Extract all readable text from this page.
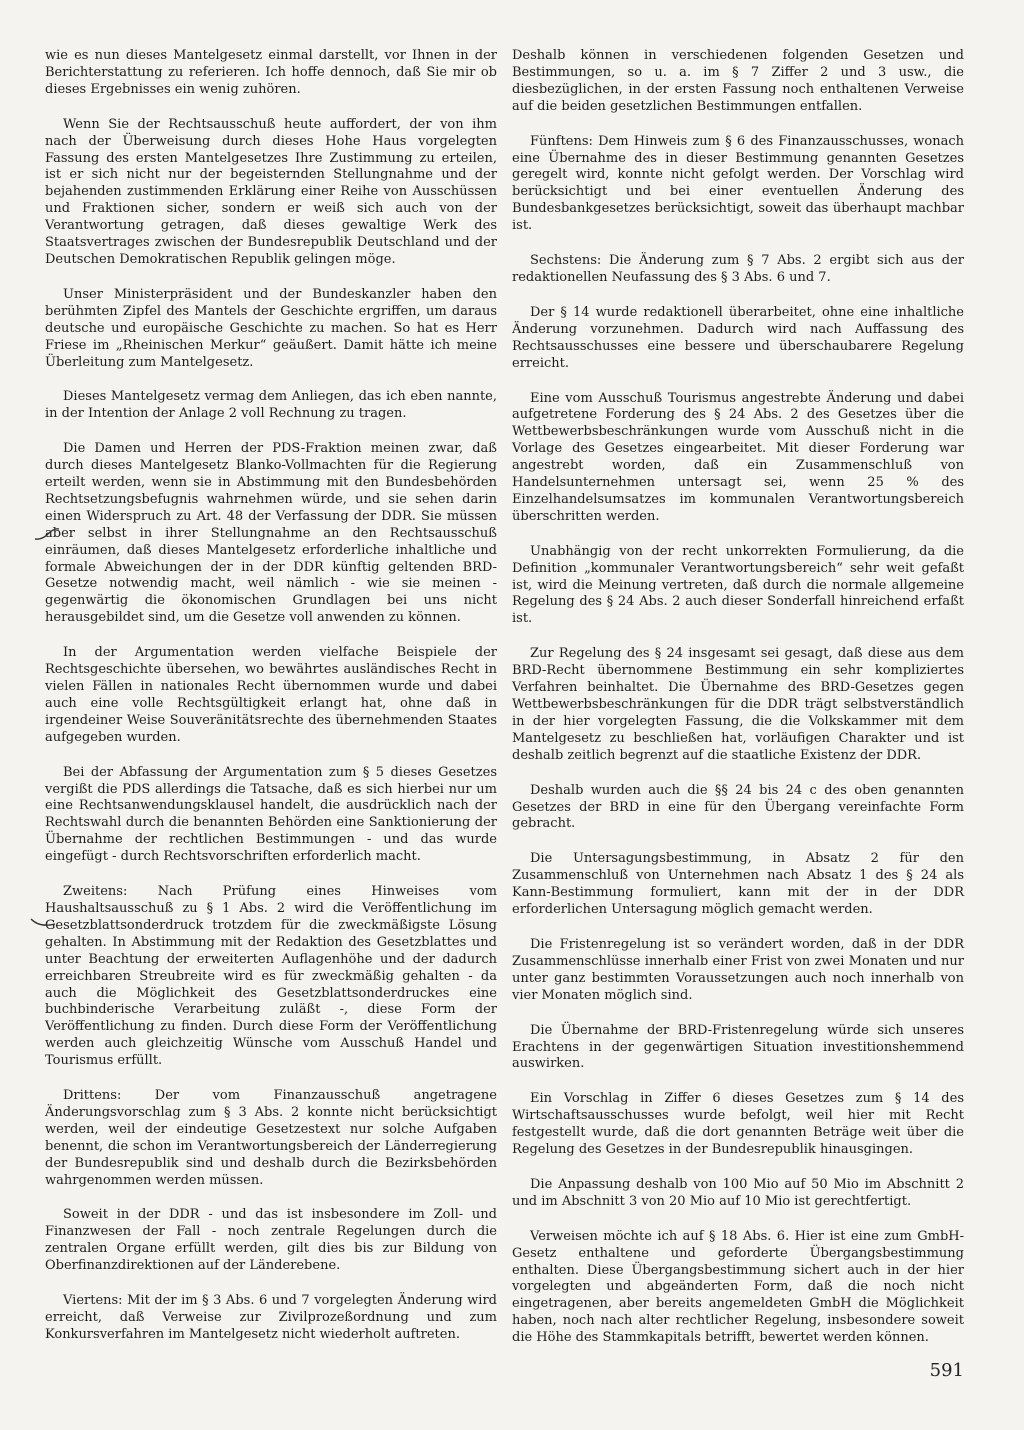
wie es nun dieses Mantelgesetz einmal darstellt, vor Ihnen in der Berichterstattung zu referieren. Ich hoffe dennoch, daß Sie mir ob dieses Ergebnisses ein wenig zuhören.

Wenn Sie der Rechtsausschuß heute auffordert, der von ihm nach der Überweisung durch dieses Hohe Haus vorgelegten Fassung des ersten Mantelgesetzes Ihre Zustimmung zu erteilen, ist er sich nicht nur der begeisternden Stellungnahme und der bejahenden zustimmenden Erklärung einer Reihe von Ausschüssen und Fraktionen sicher, sondern er weiß sich auch von der Verantwortung getragen, daß dieses gewaltige Werk des Staatsvertrages zwischen der Bundesrepublik Deutschland und der Deutschen Demokratischen Republik gelingen möge.

Unser Ministerpräsident und der Bundeskanzler haben den berühmten Zipfel des Mantels der Geschichte ergriffen, um daraus deutsche und europäische Geschichte zu machen. So hat es Herr Friese im „Rheinischen Merkur“ geäußert. Damit hätte ich meine Überleitung zum Mantelgesetz.

Dieses Mantelgesetz vermag dem Anliegen, das ich eben nannte, in der Intention der Anlage 2 voll Rechnung zu tragen.

Die Damen und Herren der PDS-Fraktion meinen zwar, daß durch dieses Mantelgesetz Blanko-Vollmachten für die Regierung erteilt werden, wenn sie in Abstimmung mit den Bundesbehörden Rechtsetzungsbefugnis wahrnehmen würde, und sie sehen darin einen Widerspruch zu Art. 48 der Verfassung der DDR. Sie müssen aber selbst in ihrer Stellungnahme an den Rechtsausschuß einräumen, daß dieses Mantelgesetz erforderliche inhaltliche und formale Abweichungen der in der DDR künftig geltenden BRD-Gesetze notwendig macht, weil nämlich - wie sie meinen - gegenwärtig die ökonomischen Grundlagen bei uns nicht herausgebildet sind, um die Gesetze voll anwenden zu können.

In der Argumentation werden vielfache Beispiele der Rechtsgeschichte übersehen, wo bewährtes ausländisches Recht in vielen Fällen in nationales Recht übernommen wurde und dabei auch eine volle Rechtsgültigkeit erlangt hat, ohne daß in irgendeiner Weise Souveränitätsrechte des übernehmenden Staates aufgegeben wurden.

Bei der Abfassung der Argumentation zum § 5 dieses Gesetzes vergißt die PDS allerdings die Tatsache, daß es sich hierbei nur um eine Rechtsanwendungsklausel handelt, die ausdrücklich nach der Rechtswahl durch die benannten Behörden eine Sanktionierung der Übernahme der rechtlichen Bestimmungen - und das wurde eingefügt - durch Rechtsvorschriften erforderlich macht.

Zweitens: Nach Prüfung eines Hinweises vom Haushaltsausschuß zu § 1 Abs. 2 wird die Veröffentlichung im Gesetzblattsonderdruck trotzdem für die zweckmäßigste Lösung gehalten. In Abstimmung mit der Redaktion des Gesetzblattes und unter Beachtung der erweiterten Auflagenhöhe und der dadurch erreichbaren Streubreite wird es für zweckmäßig gehalten - da auch die Möglichkeit des Gesetzblattsonderdruckes eine buchbinderische Verarbeitung zuläßt -, diese Form der Veröffentlichung zu finden. Durch diese Form der Veröffentlichung werden auch gleichzeitig Wünsche vom Ausschuß Handel und Tourismus erfüllt.

Drittens: Der vom Finanzausschuß angetragene Änderungsvorschlag zum § 3 Abs. 2 konnte nicht berücksichtigt werden, weil der eindeutige Gesetzestext nur solche Aufgaben benennt, die schon im Verantwortungsbereich der Länderregierung der Bundesrepublik sind und deshalb durch die Bezirksbehörden wahrgenommen werden müssen.

Soweit in der DDR - und das ist insbesondere im Zoll- und Finanzwesen der Fall - noch zentrale Regelungen durch die zentralen Organe erfüllt werden, gilt dies bis zur Bildung von Oberfinanzdirektionen auf der Länderebene.

Viertens: Mit der im § 3 Abs. 6 und 7 vorgelegten Änderung wird erreicht, daß Verweise zur Zivilprozeßordnung und zum Konkursverfahren im Mantelgesetz nicht wiederholt auftreten.

Deshalb können in verschiedenen folgenden Gesetzen und Bestimmungen, so u. a. im § 7 Ziffer 2 und 3 usw., die diesbezüglichen, in der ersten Fassung noch enthaltenen Verweise auf die beiden gesetzlichen Bestimmungen entfallen.

Fünftens: Dem Hinweis zum § 6 des Finanzausschusses, wonach eine Übernahme des in dieser Bestimmung genannten Gesetzes geregelt wird, konnte nicht gefolgt werden. Der Vorschlag wird berücksichtigt und bei einer eventuellen Änderung des Bundesbankgesetzes berücksichtigt, soweit das überhaupt machbar ist.

Sechstens: Die Änderung zum § 7 Abs. 2 ergibt sich aus der redaktionellen Neufassung des § 3 Abs. 6 und 7.

Der § 14 wurde redaktionell überarbeitet, ohne eine inhaltliche Änderung vorzunehmen. Dadurch wird nach Auffassung des Rechtsausschusses eine bessere und überschaubarere Regelung erreicht.

Eine vom Ausschuß Tourismus angestrebte Änderung und dabei aufgetretene Forderung des § 24 Abs. 2 des Gesetzes über die Wettbewerbsbeschränkungen wurde vom Ausschuß nicht in die Vorlage des Gesetzes eingearbeitet. Mit dieser Forderung war angestrebt worden, daß ein Zusammenschluß von Handelsunternehmen untersagt sei, wenn 25 % des Einzelhandelsumsatzes im kommunalen Verantwortungsbereich überschritten werden.

Unabhängig von der recht unkorrekten Formulierung, da die Definition „kommunaler Verantwortungsbereich“ sehr weit gefaßt ist, wird die Meinung vertreten, daß durch die normale allgemeine Regelung des § 24 Abs. 2 auch dieser Sonderfall hinreichend erfaßt ist.

Zur Regelung des § 24 insgesamt sei gesagt, daß diese aus dem BRD-Recht übernommene Bestimmung ein sehr kompliziertes Verfahren beinhaltet. Die Übernahme des BRD-Gesetzes gegen Wettbewerbsbeschränkungen für die DDR trägt selbstverständlich in der hier vorgelegten Fassung, die die Volkskammer mit dem Mantelgesetz zu beschließen hat, vorläufigen Charakter und ist deshalb zeitlich begrenzt auf die staatliche Existenz der DDR.

Deshalb wurden auch die §§ 24 bis 24 c des oben genannten Gesetzes der BRD in eine für den Übergang vereinfachte Form gebracht.

Die Untersagungsbestimmung, in Absatz 2 für den Zusammenschluß von Unternehmen nach Absatz 1 des § 24 als Kann-Bestimmung formuliert, kann mit der in der DDR erforderlichen Untersagung möglich gemacht werden.

Die Fristenregelung ist so verändert worden, daß in der DDR Zusammenschlüsse innerhalb einer Frist von zwei Monaten und nur unter ganz bestimmten Voraussetzungen auch noch innerhalb von vier Monaten möglich sind.

Die Übernahme der BRD-Fristenregelung würde sich unseres Erachtens in der gegenwärtigen Situation investitionshemmend auswirken.

Ein Vorschlag in Ziffer 6 dieses Gesetzes zum § 14 des Wirtschaftsausschusses wurde befolgt, weil hier mit Recht festgestellt wurde, daß die dort genannten Beträge weit über die Regelung des Gesetzes in der Bundesrepublik hinausgingen.

Die Anpassung deshalb von 100 Mio auf 50 Mio im Abschnitt 2 und im Abschnitt 3 von 20 Mio auf 10 Mio ist gerechtfertigt.

Verweisen möchte ich auf § 18 Abs. 6. Hier ist eine zum GmbH-Gesetz enthaltene und geforderte Übergangsbestimmung enthalten. Diese Übergangsbestimmung sichert auch in der hier vorgelegten und abgeänderten Form, daß die noch nicht eingetragenen, aber bereits angemeldeten GmbH die Möglichkeit haben, noch nach alter rechtlicher Regelung, insbesondere soweit die Höhe des Stammkapitals betrifft, bewertet werden können.

591
